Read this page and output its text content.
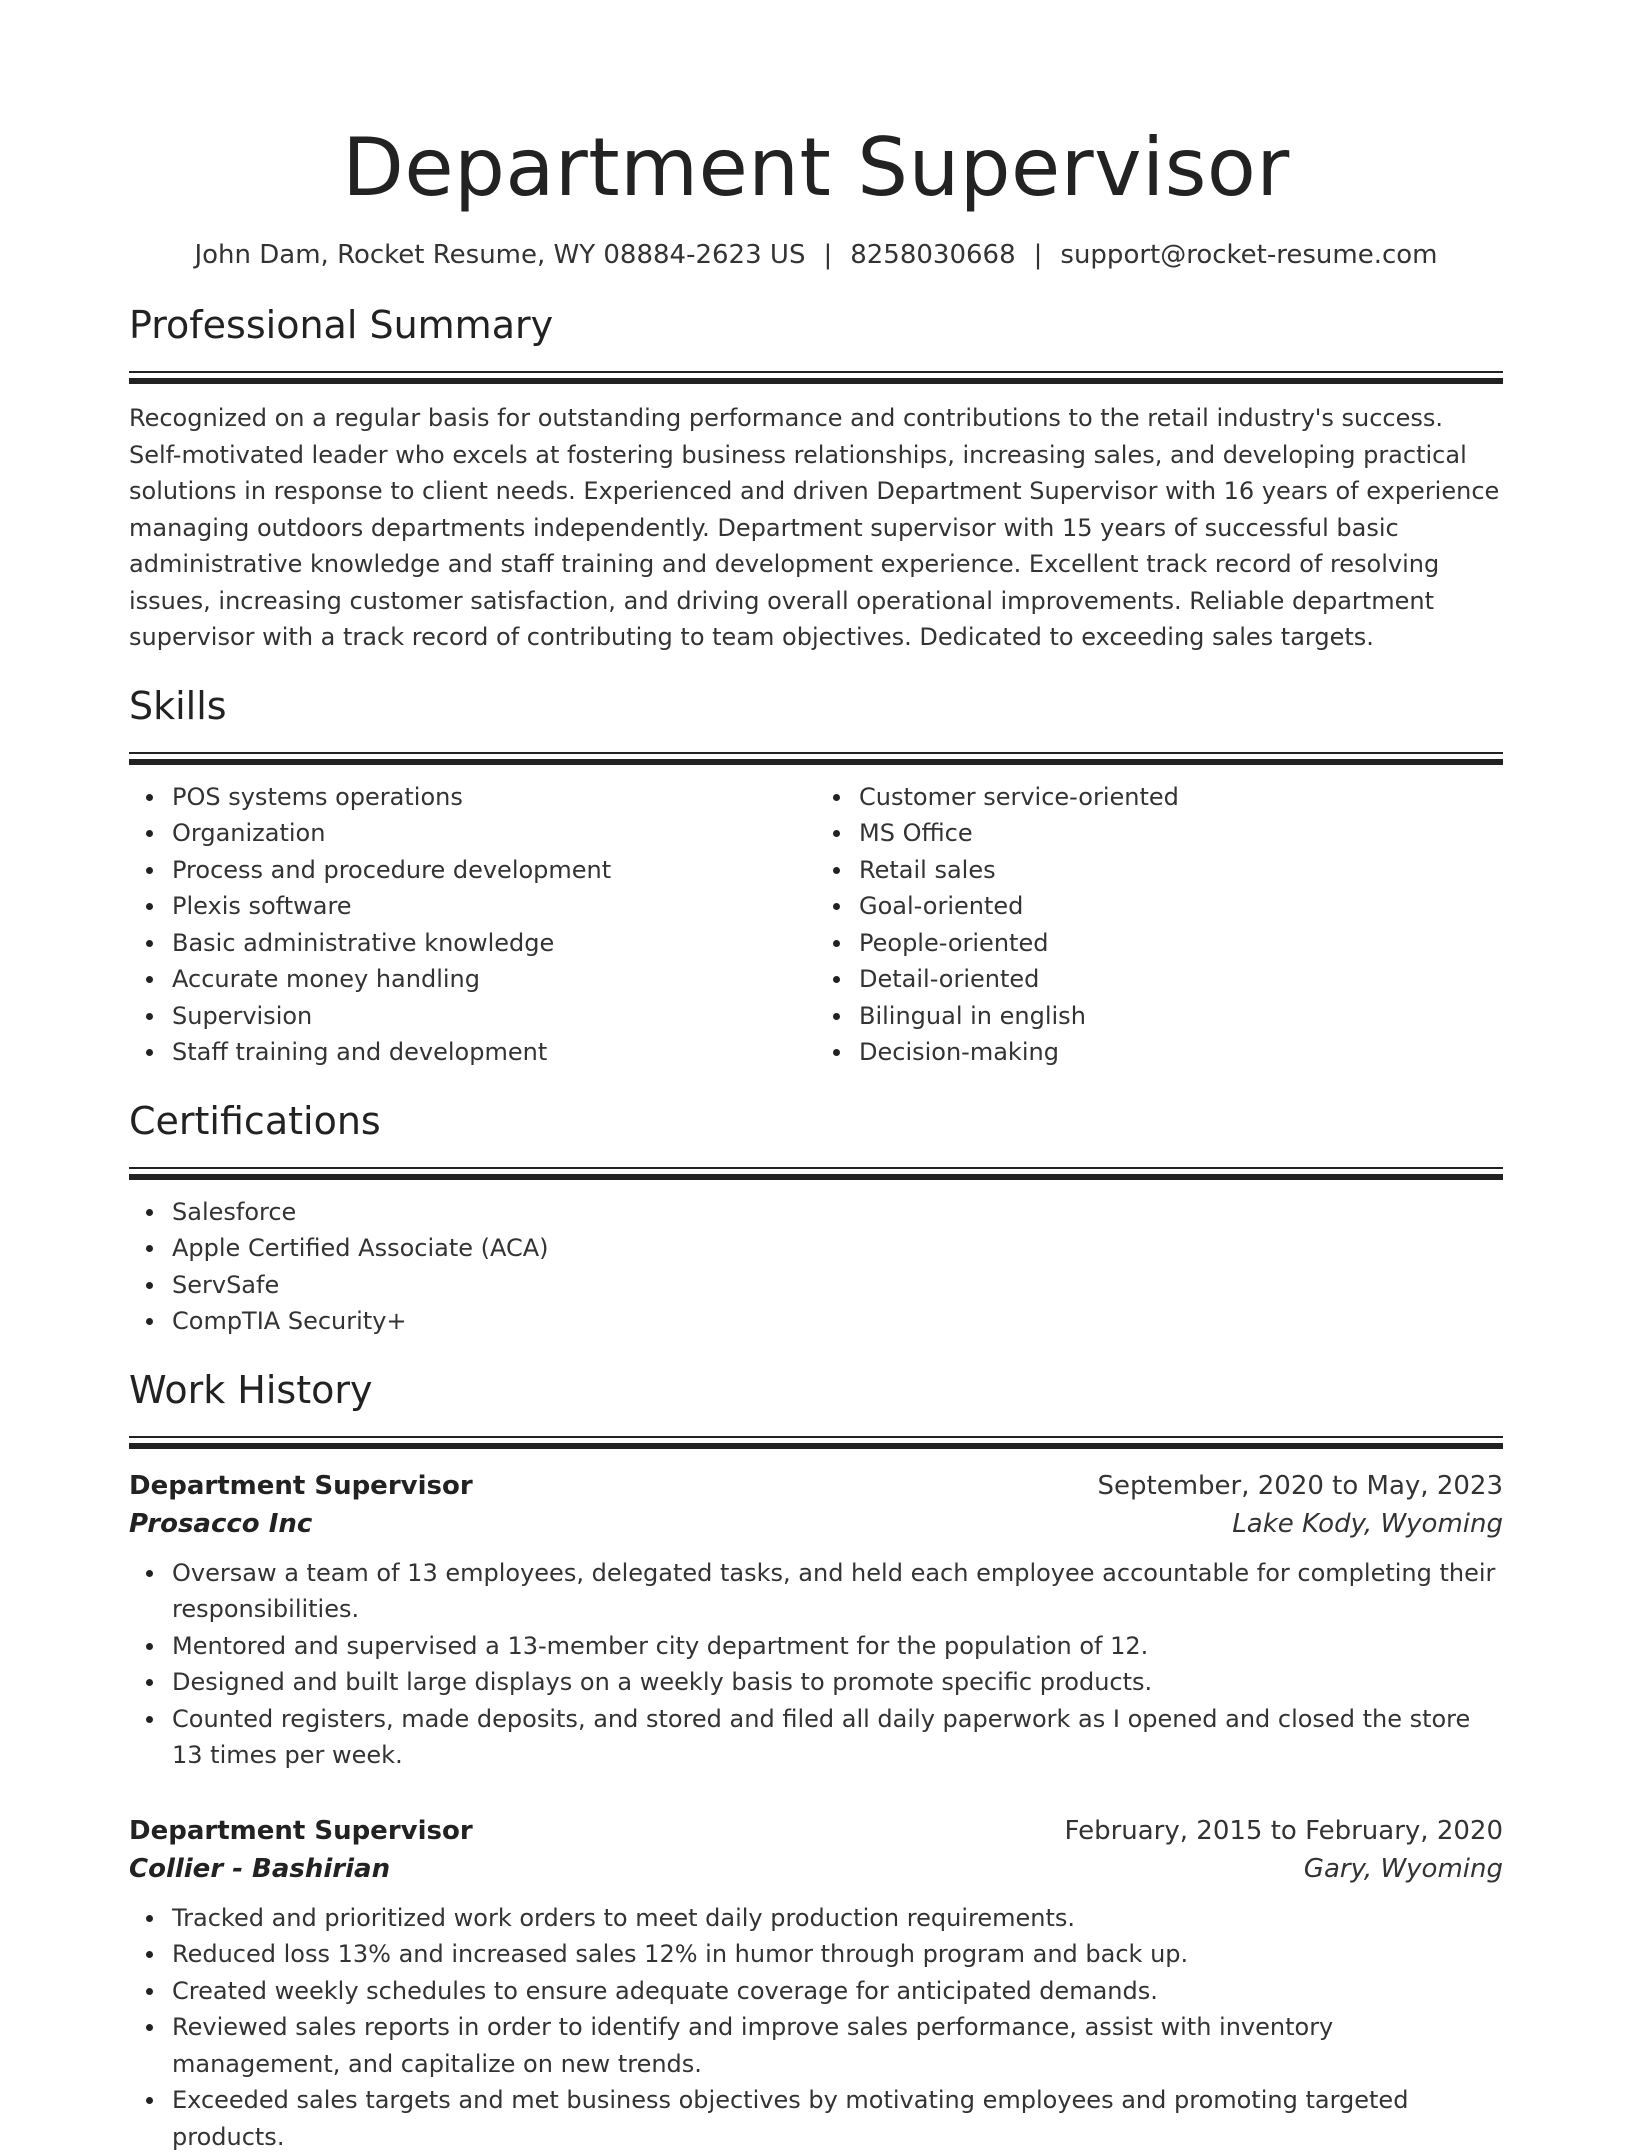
Department Supervisor
John Dam, Rocket Resume, WY 08884-2623 US | 8258030668 | support@rocket-resume.com
Professional Summary

Recognized on a regular basis for outstanding performance and contributions to the retail industry's success. Self-motivated leader who excels at fostering business relationships, increasing sales, and developing practical solutions in response to client needs. Experienced and driven Department Supervisor with 16 years of experience managing outdoors departments independently. Department supervisor with 15 years of successful basic administrative knowledge and staff training and development experience. Excellent track record of resolving issues, increasing customer satisfaction, and driving overall operational improvements. Reliable department supervisor with a track record of contributing to team objectives. Dedicated to exceeding sales targets.

Skills
POS systems operations
Organization
Process and procedure development
Plexis software
Basic administrative knowledge
Accurate money handling
Supervision
Staff training and development
Customer service-oriented
MS Office
Retail sales
Goal-oriented
People-oriented
Detail-oriented
Bilingual in english
Decision-making
Certifications
Salesforce
Apple Certified Associate (ACA)
ServSafe
CompTIA Security+
Work History
Department Supervisor	September, 2020 to May, 2023
Prosacco Inc	Lake Kody, Wyoming
Oversaw a team of 13 employees, delegated tasks, and held each employee accountable for completing their responsibilities.
Mentored and supervised a 13-member city department for the population of 12.
Designed and built large displays on a weekly basis to promote specific products.
Counted registers, made deposits, and stored and filed all daily paperwork as I opened and closed the store 13 times per week.
Department Supervisor	February, 2015 to February, 2020
Collier - Bashirian	Gary, Wyoming
Tracked and prioritized work orders to meet daily production requirements.
Reduced loss 13% and increased sales 12% in humor through program and back up.
Created weekly schedules to ensure adequate coverage for anticipated demands.
Reviewed sales reports in order to identify and improve sales performance, assist with inventory management, and capitalize on new trends.
Exceeded sales targets and met business objectives by motivating employees and promoting targeted products.
